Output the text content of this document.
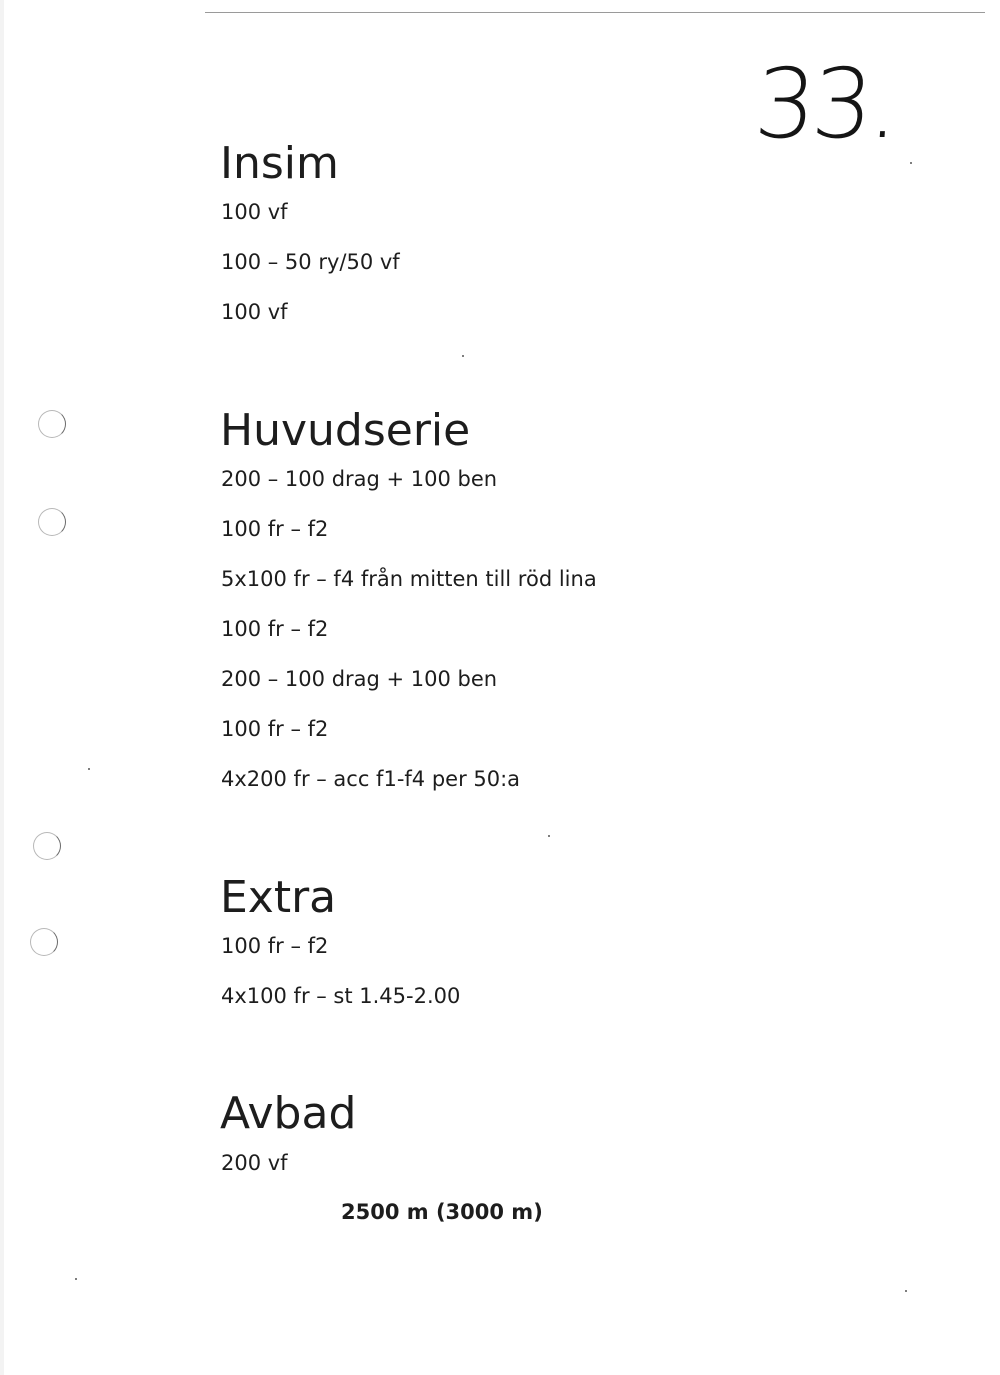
33.
Insim
100 vf
100 – 50 ry/50 vf
100 vf
Huvudserie
200 – 100 drag + 100 ben
100 fr – f2
5x100 fr – f4 från mitten till röd lina
100 fr – f2
200 – 100 drag + 100 ben
100 fr – f2
4x200 fr – acc f1-f4 per 50:a
Extra
100 fr – f2
4x100 fr – st 1.45-2.00
Avbad
200 vf
2500 m (3000 m)
